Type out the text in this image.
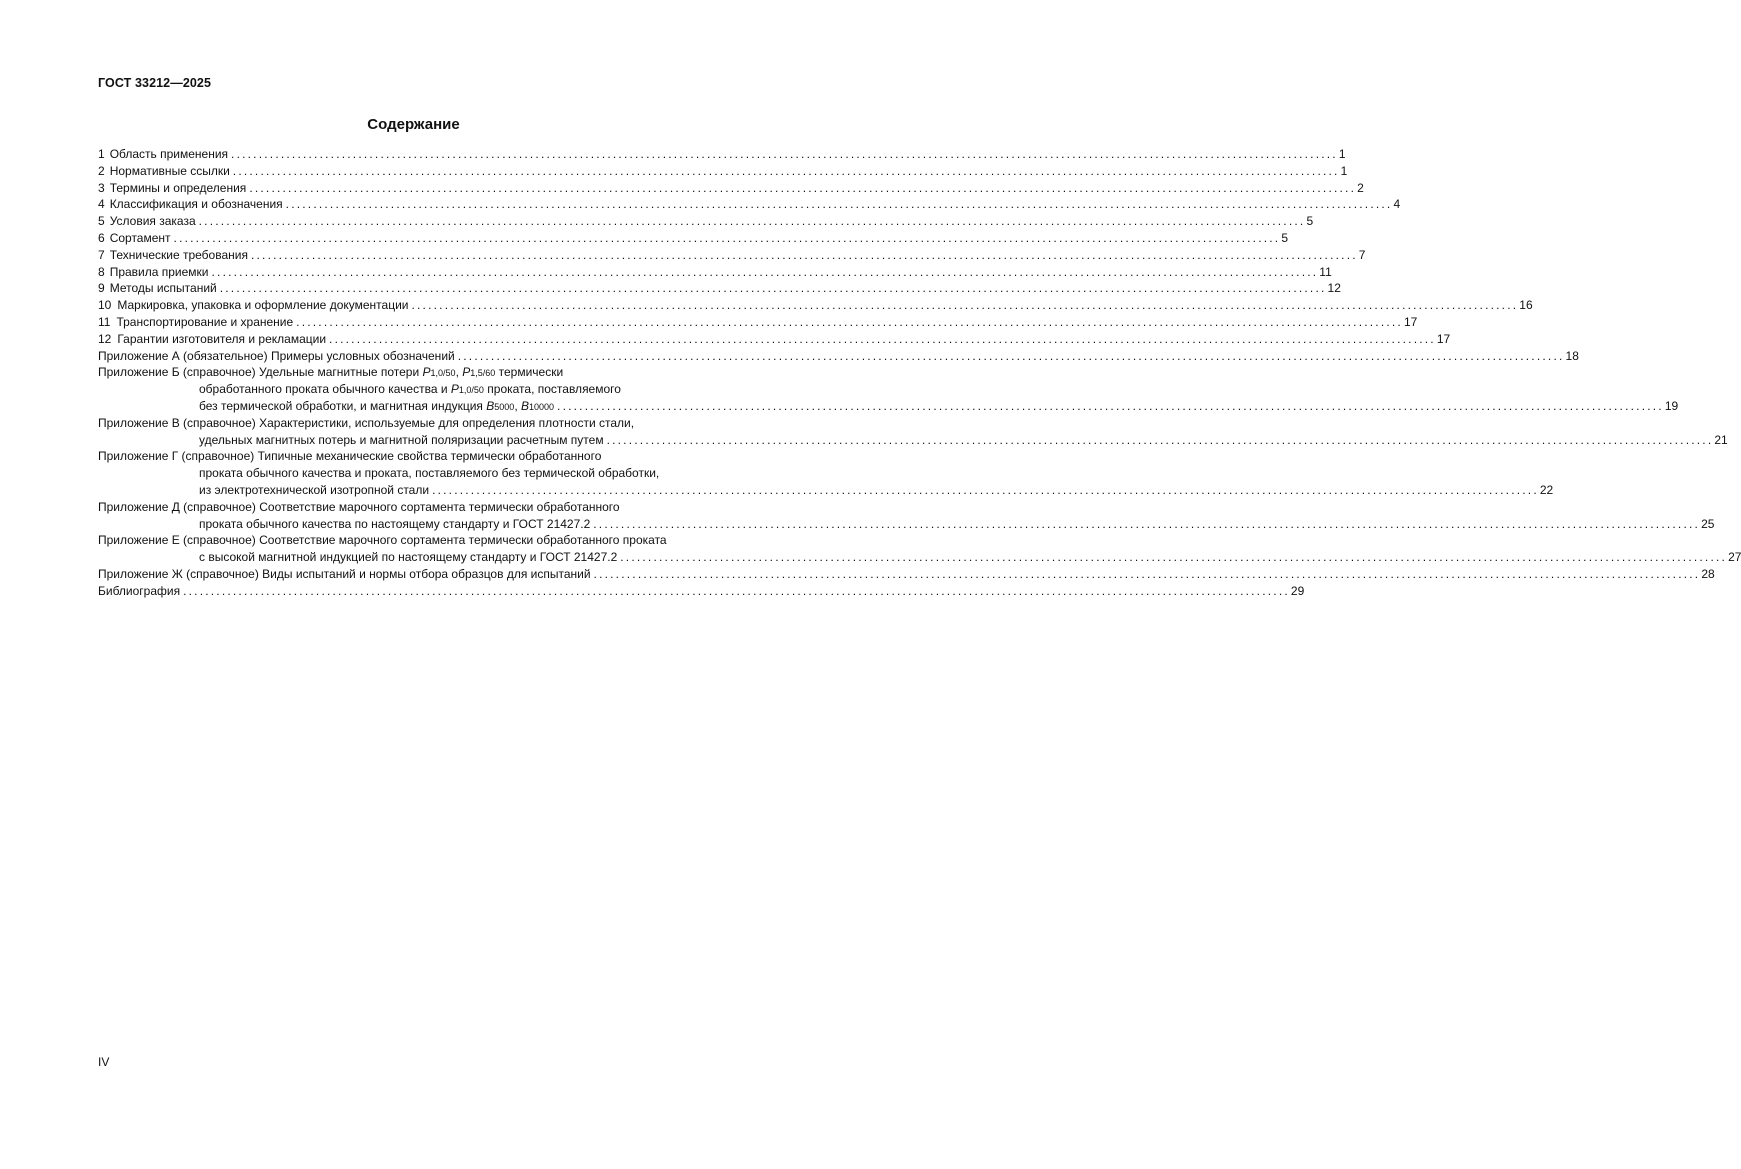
ГОСТ 33212—2025
Содержание
1 Область применения ........................................................................................................................................................................................................ 1
2 Нормативные ссылки ........................................................................................................................................................................................................ 1
3 Термины и определения ........................................................................................................................................................................................................ 2
4 Классификация и обозначения ........................................................................................................................................................................................................ 4
5 Условия заказа ........................................................................................................................................................................................................ 5
6 Сортамент ........................................................................................................................................................................................................ 5
7 Технические требования ........................................................................................................................................................................................................ 7
8 Правила приемки ........................................................................................................................................................................................................ 11
9 Методы испытаний ........................................................................................................................................................................................................ 12
10 Маркировка, упаковка и оформление документации ........................................................................................................................................................................................................ 16
11 Транспортирование и хранение ........................................................................................................................................................................................................ 17
12 Гарантии изготовителя и рекламации ........................................................................................................................................................................................................ 17
Приложение А (обязательное) Примеры условных обозначений ........................................................................................................................................................................................................ 18
Приложение Б (справочное) Удельные магнитные потери
P 1,0/50 , P 1,5/60
термически
обработанного проката обычного качества и
P 1,0/50
проката, поставляемого
без термической обработки, и магнитная индукция
B 5000 , B 10000 ........................................................................................................................................................................................................ 19
Приложение В (справочное) Характеристики, используемые для определения плотности стали,
удельных магнитных потерь и магнитной поляризации расчетным путем ........................................................................................................................................................................................................ 21
Приложение Г (справочное) Типичные механические свойства термически обработанного
проката обычного качества и проката, поставляемого без термической обработки,
из электротехнической изотропной стали ........................................................................................................................................................................................................ 22
Приложение Д (справочное) Соответствие марочного сортамента термически обработанного
проката обычного качества по настоящему стандарту и ГОСТ 21427.2 ........................................................................................................................................................................................................ 25
Приложение Е (справочное) Соответствие марочного сортамента термически обработанного проката
с высокой магнитной индукцией по настоящему стандарту и ГОСТ 21427.2 ........................................................................................................................................................................................................ 27
Приложение Ж (справочное) Виды испытаний и нормы отбора образцов для испытаний ........................................................................................................................................................................................................ 28
Библиография ........................................................................................................................................................................................................ 29
IV
